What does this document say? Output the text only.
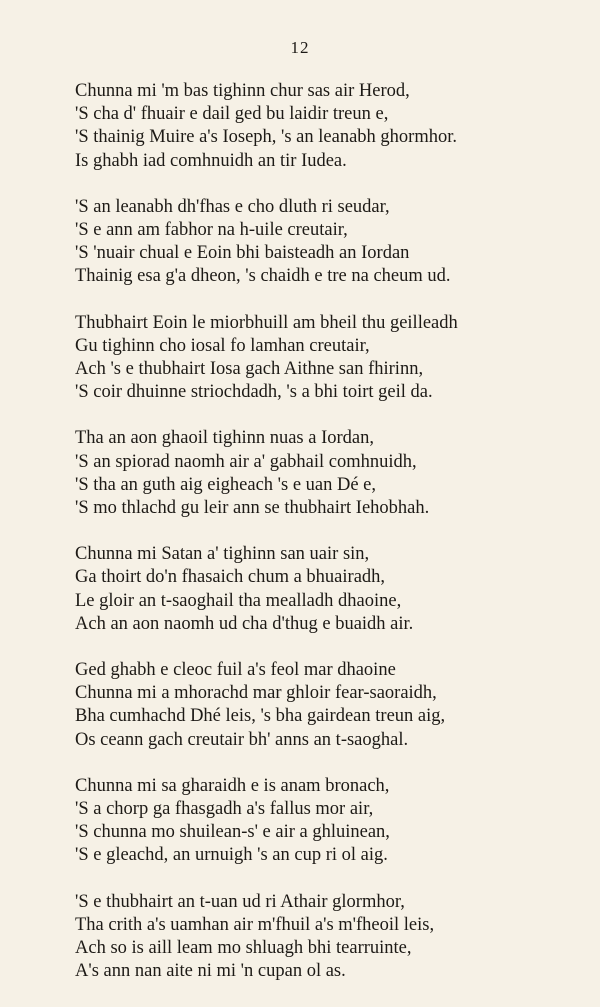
12
Chunna mi 'm bas tighinn chur sas air Herod,
'S cha d' fhuair e dail ged bu laidir treun e,
'S thainig Muire a's Ioseph, 's an leanabh ghormhor.
Is ghabh iad comhnuidh an tir Iudea.
'S an leanabh dh'fhas e cho dluth ri seudar,
'S e ann am fabhor na h-uile creutair,
'S 'nuair chual e Eoin bhi baisteadh an Iordan
Thainig esa g'a dheon, 's chaidh e tre na cheum ud.
Thubhairt Eoin le miorbhuill am bheil thu geilleadh
Gu tighinn cho iosal fo lamhan creutair,
Ach 's e thubhairt Iosa gach Aithne san fhirinn,
'S coir dhuinne striochdadh, 's a bhi toirt geil da.
Tha an aon ghaoil tighinn nuas a Iordan,
'S an spiorad naomh air a' gabhail comhnuidh,
'S tha an guth aig eigheach 's e uan Dé e,
'S mo thlachd gu leir ann se thubhairt Iehobhah.
Chunna mi Satan a' tighinn san uair sin,
Ga thoirt do'n fhasaich chum a bhuairadh,
Le gloir an t-saoghail tha mealladh dhaoine,
Ach an aon naomh ud cha d'thug e buaidh air.
Ged ghabh e cleoc fuil a's feol mar dhaoine
Chunna mi a mhorachd mar ghloir fear-saoraidh,
Bha cumhachd Dhé leis, 's bha gairdean treun aig,
Os ceann gach creutair bh' anns an t-saoghal.
Chunna mi sa gharaidh e is anam bronach,
'S a chorp ga fhasgadh a's fallus mor air,
'S chunna mo shuilean-s' e air a ghluinean,
'S e gleachd, an urnuigh 's an cup ri ol aig.
'S e thubhairt an t-uan ud ri Athair glormhor,
Tha crith a's uamhan air m'fhuil a's m'fheoil leis,
Ach so is aill leam mo shluagh bhi tearruinte,
A's ann nan aite ni mi 'n cupan ol as.
